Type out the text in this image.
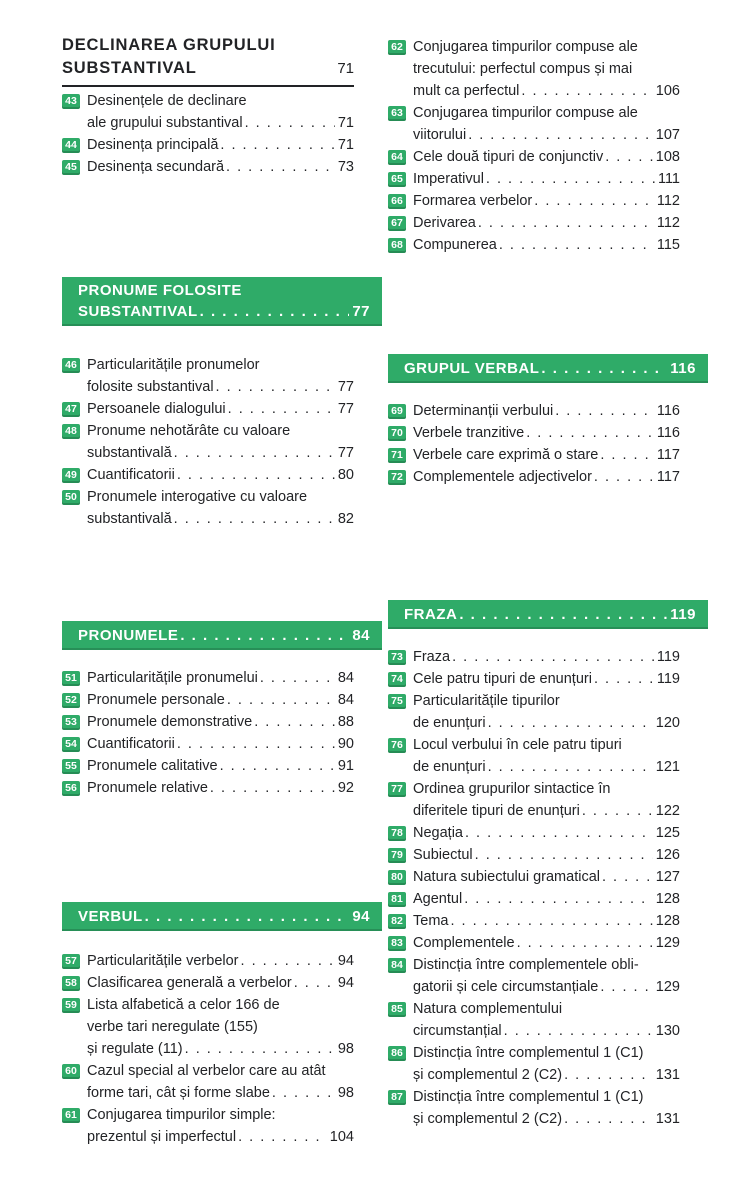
DECLINAREA GRUPULUI
SUBSTANTIVAL	71
43 Desinențele de declinare
ale grupului substantival . . .	71
44 Desinența principală . . .	71
45 Desinența secundară . . .	73
PRONUME FOLOSITE
SUBSTANTIVAL . . .	77
46 Particularitățile pronumelor
folosite substantival . . .	77
47 Persoanele dialogului . . .	77
48 Pronume nehotărâte cu valoare
substantivală . . .	77
49 Cuantificatorii . . .	80
50 Pronumele interogative cu valoare
substantivală . . .	82
PRONUMELE . . .	84
51 Particularitățile pronumelui . . .	84
52 Pronumele personale . . .	84
53 Pronumele demonstrative . . .	88
54 Cuantificatorii . . .	90
55 Pronumele calitative . . .	91
56 Pronumele relative . . .	92
VERBUL . . .	94
57 Particularitățile verbelor . . .	94
58 Clasificarea generală a verbelor . . .	94
59 Lista alfabetică a celor 166 de
verbe tari neregulate (155)
și regulate (11) . . .	98
60 Cazul special al verbelor care au atât
forme tari, cât și forme slabe . . .	98
61 Conjugarea timpurilor simple:
prezentul și imperfectul . . .	104
62 Conjugarea timpurilor compuse ale
trecutului: perfectul compus și mai
mult ca perfectul . . .	106
63 Conjugarea timpurilor compuse ale
viitorului . . .	107
64 Cele două tipuri de conjunctiv . . .	108
65 Imperativul . . .	111
66 Formarea verbelor . . .	112
67 Derivarea . . .	112
68 Compunerea . . .	115
GRUPUL VERBAL . . .	116
69 Determinanții verbului . . .	116
70 Verbele tranzitive . . .	116
71 Verbele care exprimă o stare . . .	117
72 Complementele adjectivelor . . .	117
FRAZA . . .	119
73 Fraza . . .	119
74 Cele patru tipuri de enunțuri . . .	119
75 Particularitățile tipurilor
de enunțuri . . .	120
76 Locul verbului în cele patru tipuri
de enunțuri . . .	121
77 Ordinea grupurilor sintactice în
diferitele tipuri de enunțuri . . .	122
78 Negația . . .	125
79 Subiectul . . .	126
80 Natura subiectului gramatical . . .	127
81 Agentul . . .	128
82 Tema . . .	128
83 Complementele . . .	129
84 Distincția între complementele obli-
gatorii și cele circumstanțiale . . .	129
85 Natura complementului
circumstanțial . . .	130
86 Distincția între complementul 1 (C1)
și complementul 2 (C2) . . .	131
87 Distincția între complementul 1 (C1)
și complementul 2 (C2) . . .	131
